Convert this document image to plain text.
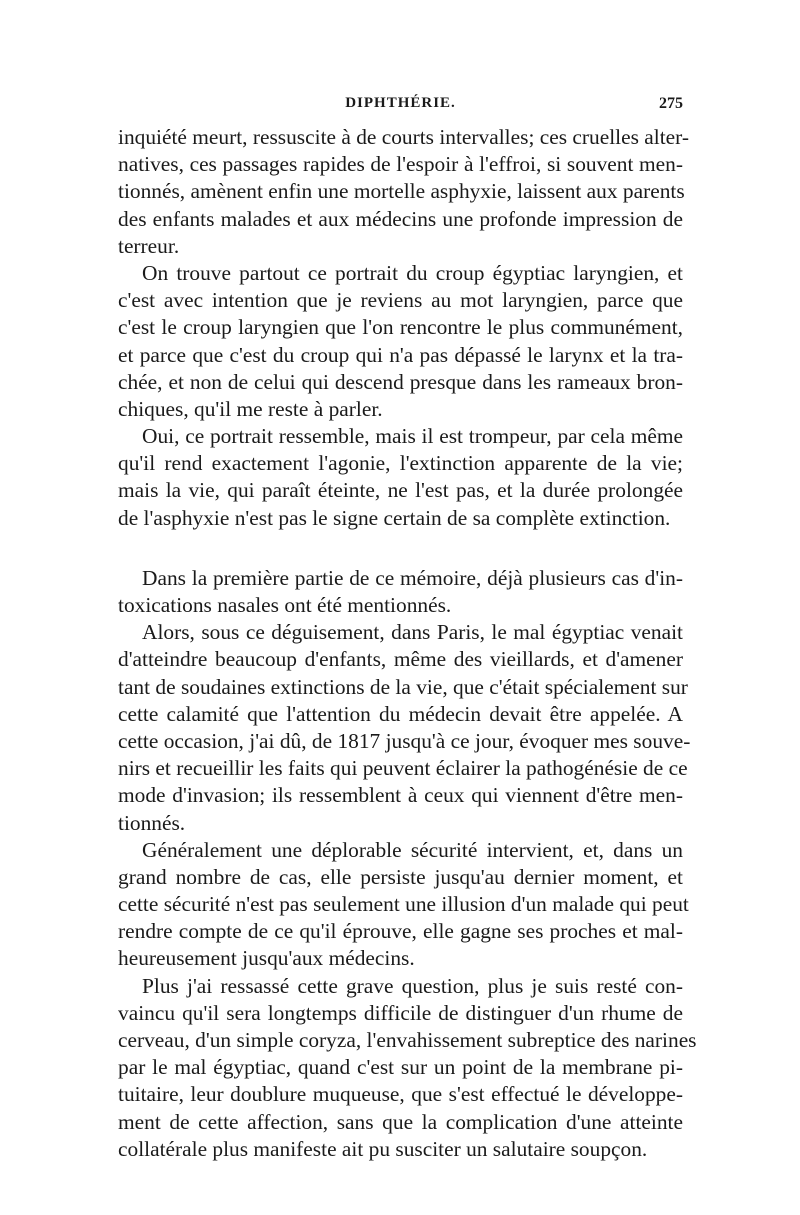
DIPHTHÉRIE.	275
inquiété meurt, ressuscite à de courts intervalles; ces cruelles alter-
natives, ces passages rapides de l'espoir à l'effroi, si souvent men-
tionnés, amènent enfin une mortelle asphyxie, laissent aux parents
des enfants malades et aux médecins une profonde impression de
terreur.
On trouve partout ce portrait du croup égyptiac laryngien, et
c'est avec intention que je reviens au mot laryngien, parce que
c'est le croup laryngien que l'on rencontre le plus communément,
et parce que c'est du croup qui n'a pas dépassé le larynx et la tra-
chée, et non de celui qui descend presque dans les rameaux bron-
chiques, qu'il me reste à parler.
Oui, ce portrait ressemble, mais il est trompeur, par cela même
qu'il rend exactement l'agonie, l'extinction apparente de la vie;
mais la vie, qui paraît éteinte, ne l'est pas, et la durée prolongée
de l'asphyxie n'est pas le signe certain de sa complète extinction.
Dans la première partie de ce mémoire, déjà plusieurs cas d'in-
toxications nasales ont été mentionnés.
Alors, sous ce déguisement, dans Paris, le mal égyptiac venait
d'atteindre beaucoup d'enfants, même des vieillards, et d'amener
tant de soudaines extinctions de la vie, que c'était spécialement sur
cette calamité que l'attention du médecin devait être appelée. A
cette occasion, j'ai dû, de 1817 jusqu'à ce jour, évoquer mes souve-
nirs et recueillir les faits qui peuvent éclairer la pathogénésie de ce
mode d'invasion; ils ressemblent à ceux qui viennent d'être men-
tionnés.
Généralement une déplorable sécurité intervient, et, dans un
grand nombre de cas, elle persiste jusqu'au dernier moment, et
cette sécurité n'est pas seulement une illusion d'un malade qui peut
rendre compte de ce qu'il éprouve, elle gagne ses proches et mal-
heureusement jusqu'aux médecins.
Plus j'ai ressassé cette grave question, plus je suis resté con-
vaincu qu'il sera longtemps difficile de distinguer d'un rhume de
cerveau, d'un simple coryza, l'envahissement subreptice des narines
par le mal égyptiac, quand c'est sur un point de la membrane pi-
tuitaire, leur doublure muqueuse, que s'est effectué le développe-
ment de cette affection, sans que la complication d'une atteinte
collatérale plus manifeste ait pu susciter un salutaire soupçon.
